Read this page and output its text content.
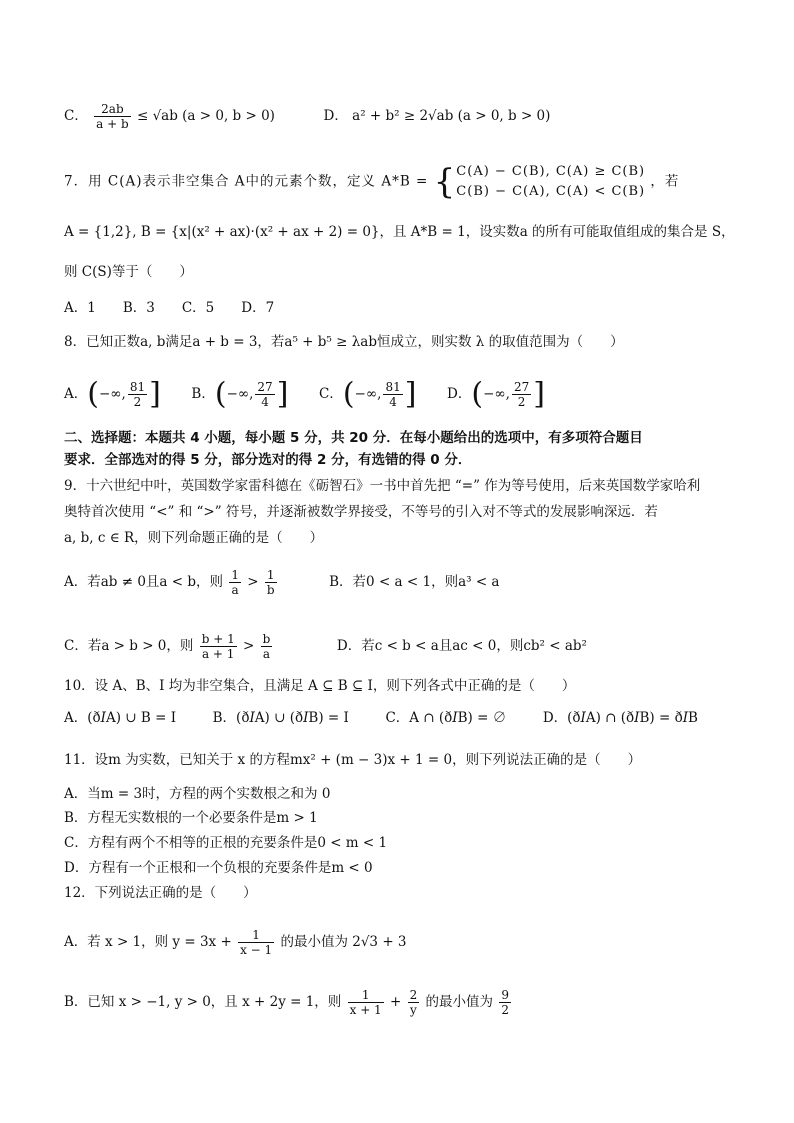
C． $\frac{2ab}{a + b} \le √ab$ (a > 0, b > 0)	D． a² + b² ≥ 2√ab (a > 0, b > 0)
7．用 C(A)表示非空集合 A中的元素个数，定义 A*B = { C(A) − C(B), C(A) ≥ C(B)
C(B) − C(A), C(A) < C(B)
，若
A = {1,2}, B = {x|(x² + ax)·(x² + ax + 2) = 0}，且 A*B = 1，设实数a 的所有可能取值组成的集合是 S，
则 C(S)等于（　　）
A．1　　B．3　　C．5　　D．7
8．已知正数a, b满足a + b = 3，若a⁵ + b⁵ ≥ λab恒成立，则实数 λ 的取值范围为（　　）
A．(−∞, $\frac{81}{2}$ ] B．(−∞, $\frac{27}{4}$ ] C．(−∞, $\frac{81}{4}$ ] D．(−∞, $\frac{27}{2}$ ]
二、选择题：本题共 4 小题，每小题 5 分，共 20 分．在每小题给出的选项中，有多项符合题目
要求．全部选对的得 5 分，部分选对的得 2 分，有选错的得 0 分．
9．十六世纪中叶，英国数学家雷科德在《砺智石》一书中首先把 “=” 作为等号使用，后来英国数学家哈利
奥特首次使用 “<” 和 “>” 符号，并逐渐被数学界接受，不等号的引入对不等式的发展影响深远．若
a, b, c ∈ R，则下列命题正确的是（　　）
A．若ab ≠ 0且a < b，则 $\frac{1}{a} > \frac{1}{b}$	B．若0 < a < 1，则a³ < a
C．若a > b > 0，则 $\frac{b + 1}{a + 1} > \frac{b}{a}$	D．若c < b < a且ac < 0，则cb² < ab²
10．设 A、B、I 均为非空集合，且满足 A ⊆ B ⊆ I，则下列各式中正确的是（　　）
A．(ð𝐼A) ∪ B = I	B．(ð𝐼A) ∪ (ð𝐼B) = I	C．A ∩ (ð𝐼B) = ∅	D．(ð𝐼A) ∩ (ð𝐼B) = ð𝐼B
11．设m 为实数，已知关于 x 的方程mx² + (m − 3)x + 1 = 0，则下列说法正确的是（　　）
A．当m = 3时，方程的两个实数根之和为 0
B．方程无实数根的一个必要条件是m > 1
C．方程有两个不相等的正根的充要条件是0 < m < 1
D．方程有一个正根和一个负根的充要条件是m < 0
12．下列说法正确的是（　　）
A．若 x > 1，则 $y = 3x + \frac{1}{x - 1}$ 的最小值为 2√3 + 3
B．已知 x > −1, y > 0，且 x + 2y = 1，则 $\frac{1}{x + 1} + \frac{2}{y}$ 的最小值为 $\frac{9}{2}$
